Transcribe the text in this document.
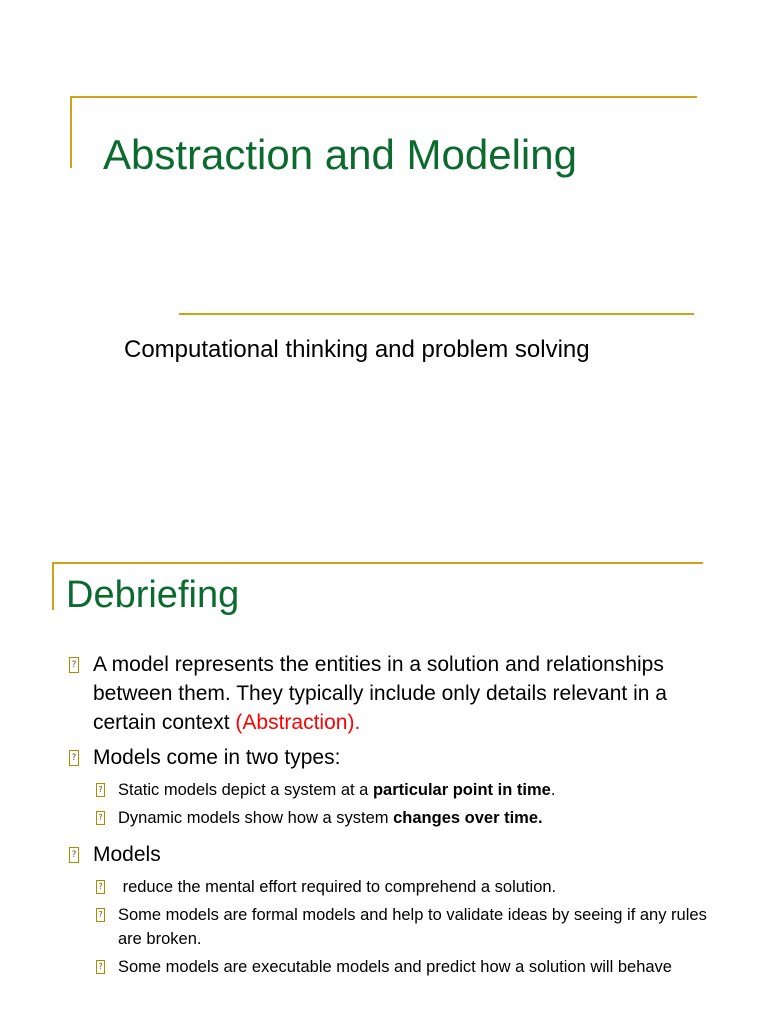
Abstraction and Modeling
Computational thinking and problem solving
Debriefing
? A model represents the entities in a solution and relationships between them. They typically include only details relevant in a certain context (Abstraction).
? Models come in two types:
? Static models depict a system at a particular point in time.
? Dynamic models show how a system changes over time.
? Models
? reduce the mental effort required to comprehend a solution.
? Some models are formal models and help to validate ideas by seeing if any rules are broken.
? Some models are executable models and predict how a solution will behave
